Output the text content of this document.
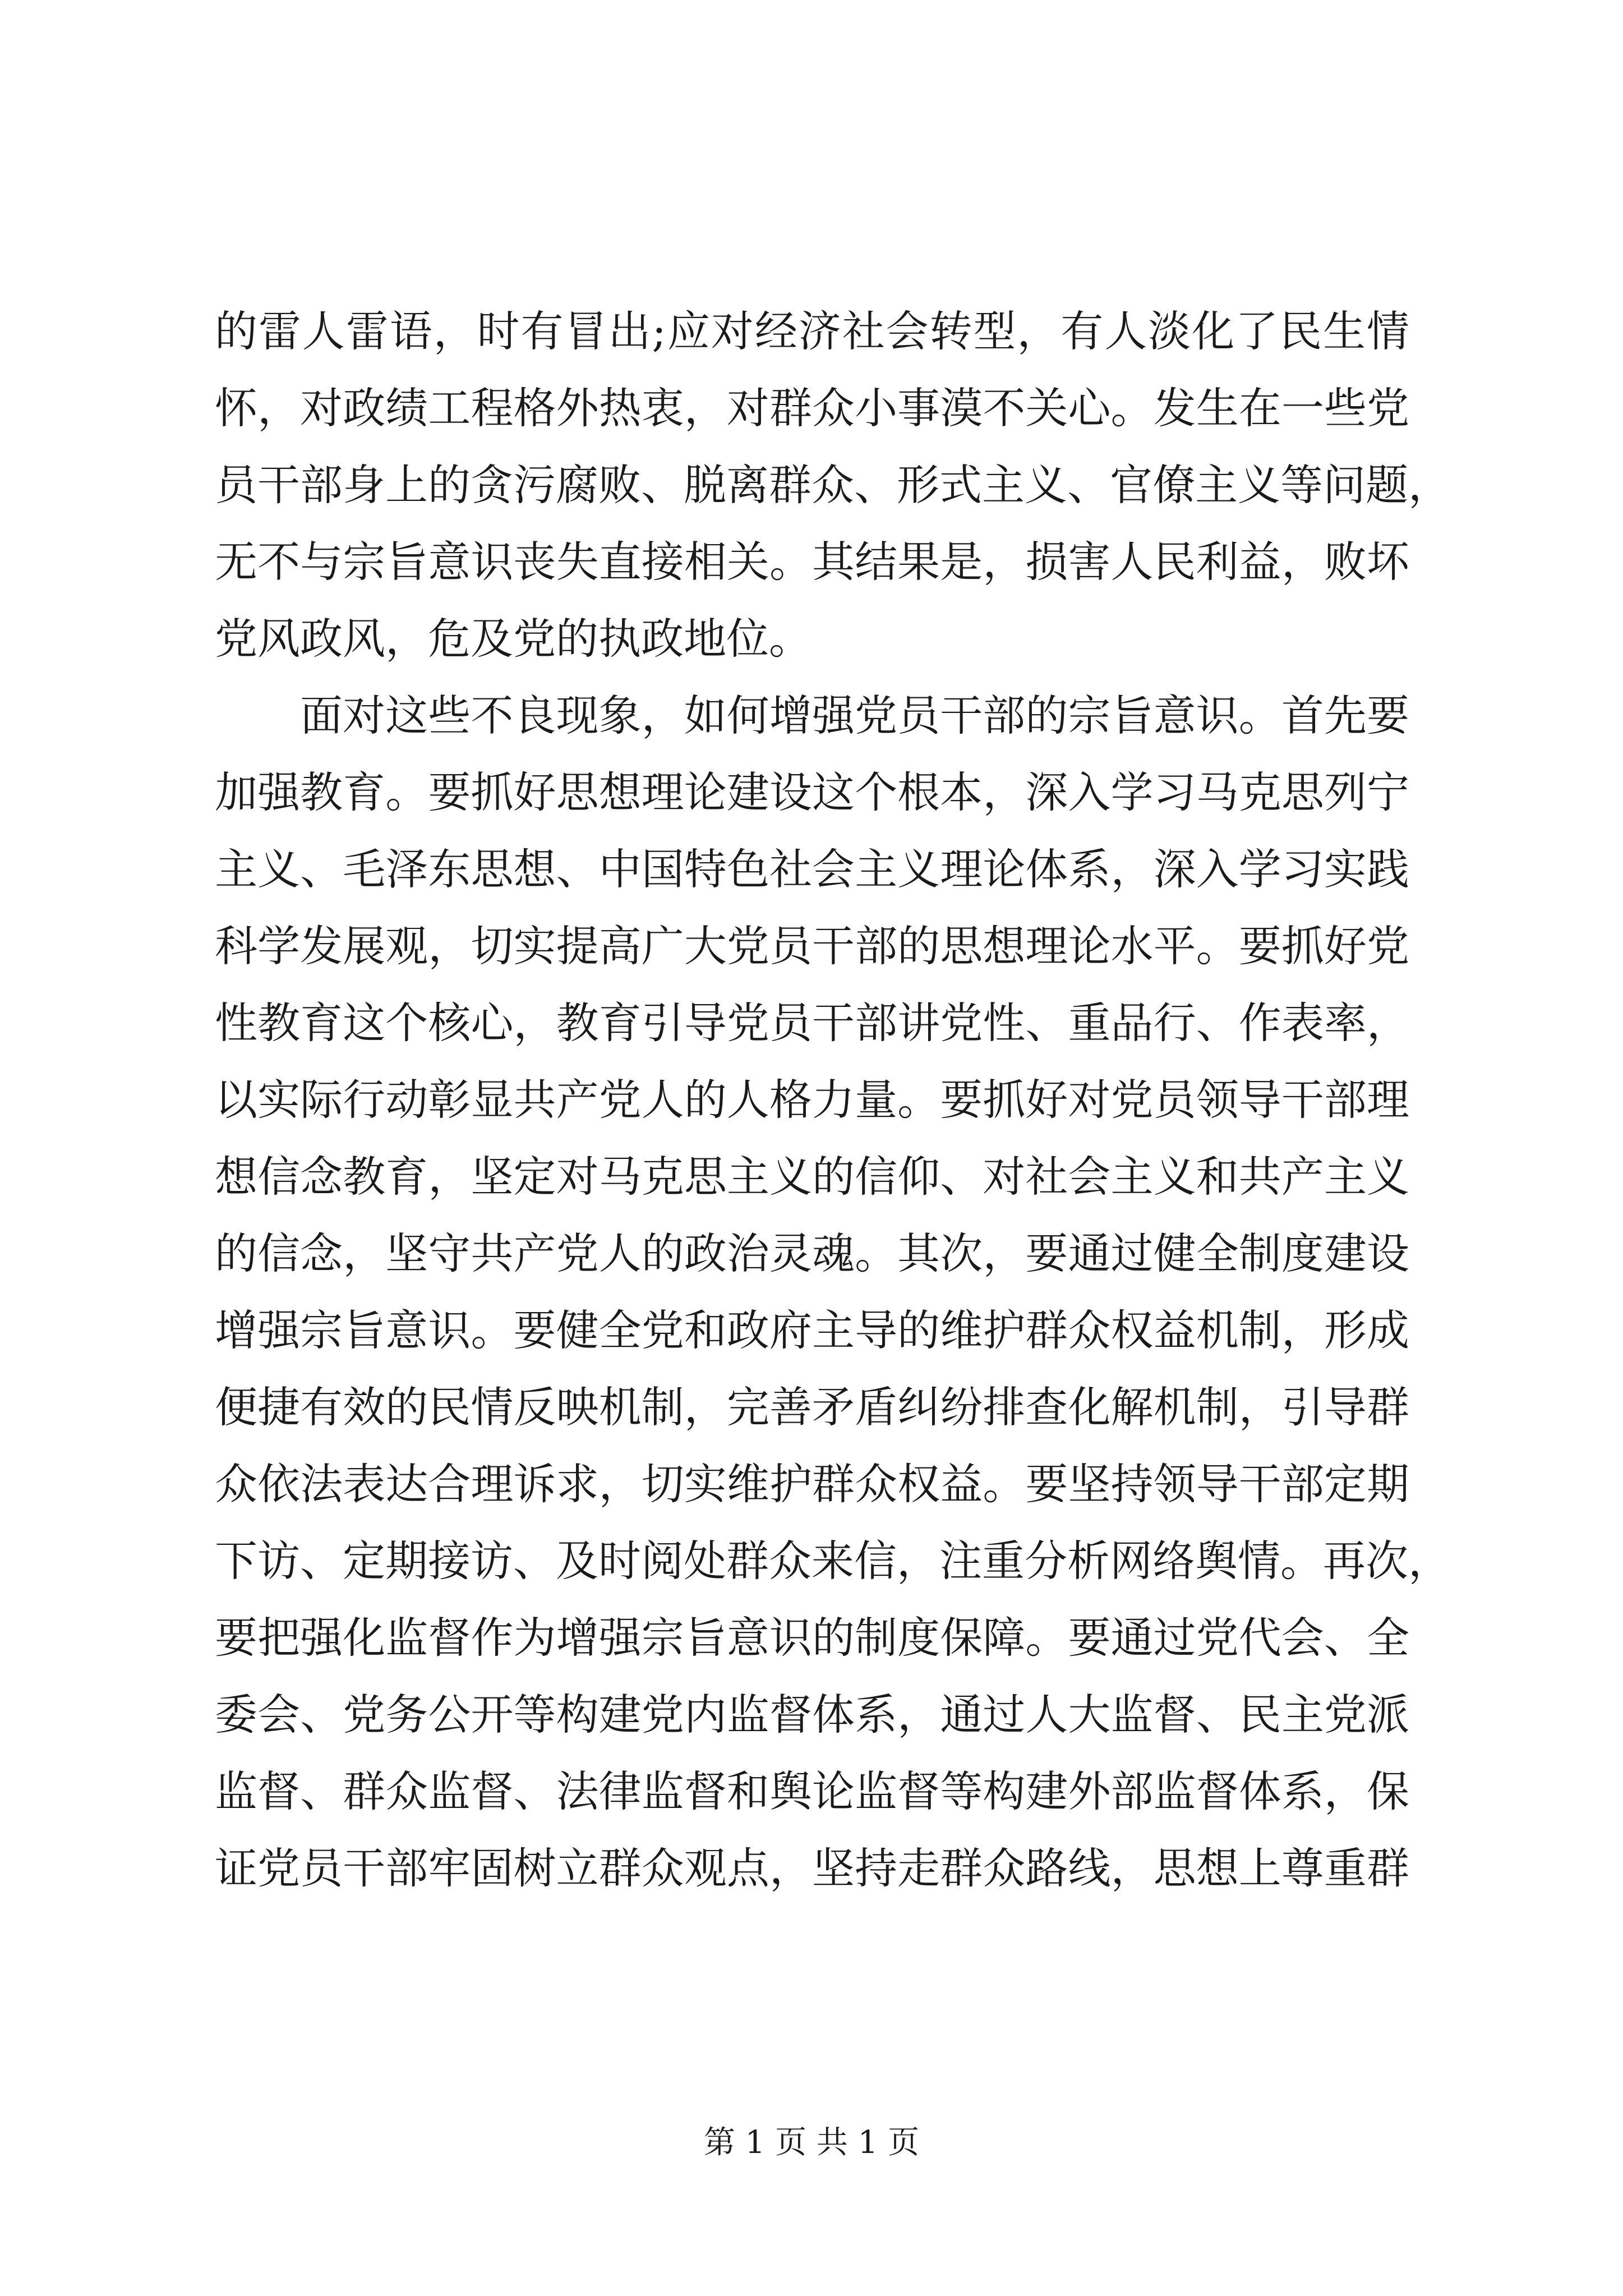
的雷人雷语，时有冒出;应对经济社会转型，有人淡化了民生情
怀，对政绩工程格外热衷，对群众小事漠不关心。发生在一些党
员干部身上的贪污腐败、脱离群众、形式主义、官僚主义等问题，
无不与宗旨意识丧失直接相关。其结果是，损害人民利益，败坏
党风政风，危及党的执政地位。
面对这些不良现象，如何增强党员干部的宗旨意识。首先要
加强教育。要抓好思想理论建设这个根本，深入学习马克思列宁
主义、毛泽东思想、中国特色社会主义理论体系，深入学习实践
科学发展观，切实提高广大党员干部的思想理论水平。要抓好党
性教育这个核心，教育引导党员干部讲党性、重品行、作表率，
以实际行动彰显共产党人的人格力量。要抓好对党员领导干部理
想信念教育，坚定对马克思主义的信仰、对社会主义和共产主义
的信念，坚守共产党人的政治灵魂。其次，要通过健全制度建设
增强宗旨意识。要健全党和政府主导的维护群众权益机制，形成
便捷有效的民情反映机制，完善矛盾纠纷排查化解机制，引导群
众依法表达合理诉求，切实维护群众权益。要坚持领导干部定期
下访、定期接访、及时阅处群众来信，注重分析网络舆情。再次，
要把强化监督作为增强宗旨意识的制度保障。要通过党代会、全
委会、党务公开等构建党内监督体系，通过人大监督、民主党派
监督、群众监督、法律监督和舆论监督等构建外部监督体系，保
证党员干部牢固树立群众观点，坚持走群众路线，思想上尊重群
第 1 页 共 1 页
